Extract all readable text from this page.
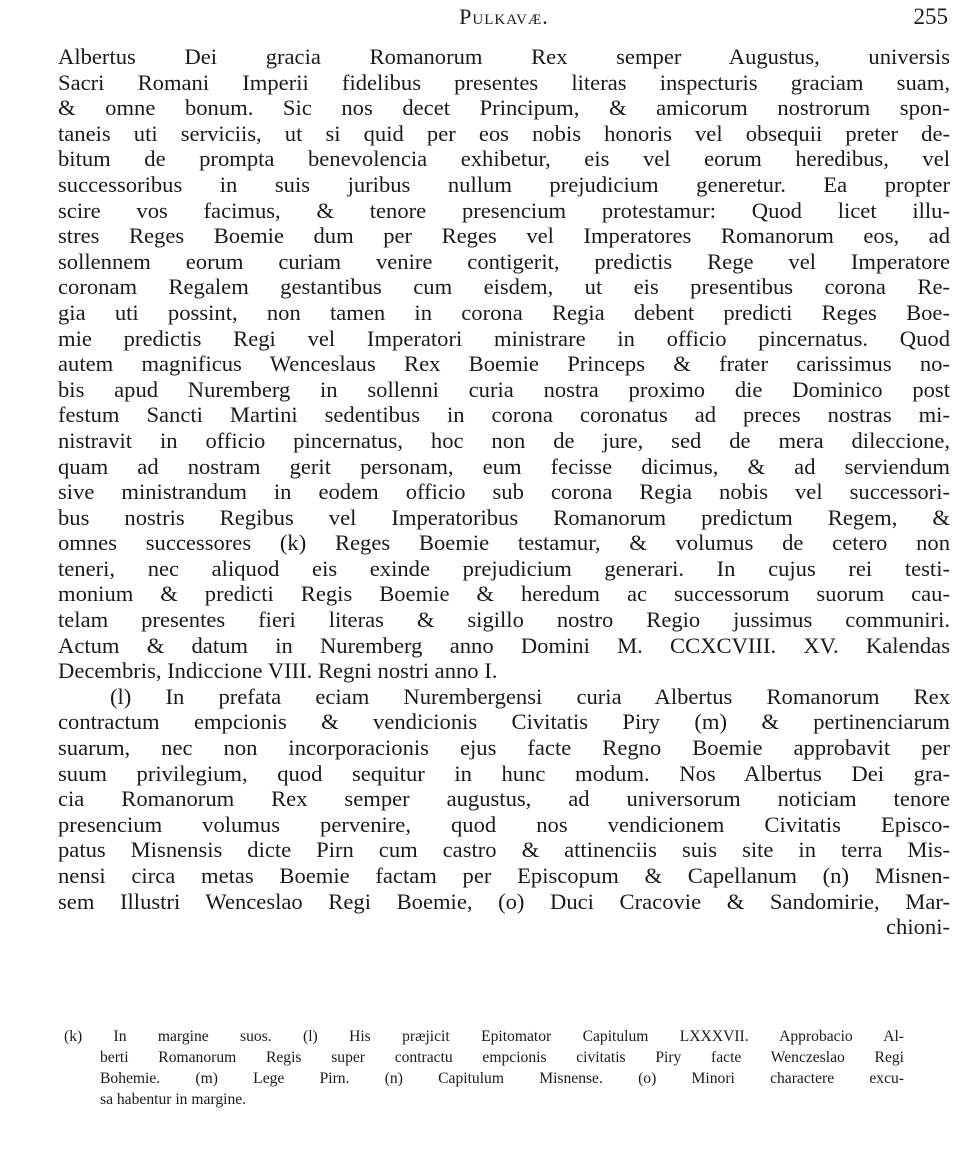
Pulkavæ.	255
Albertus Dei gracia Romanorum Rex semper Augustus, universis
Sacri Romani Imperii fidelibus presentes literas inspecturis graciam suam,
& omne bonum. Sic nos decet Principum, & amicorum nostrorum spon-
taneis uti serviciis, ut si quid per eos nobis honoris vel obsequii preter de-
bitum de prompta benevolencia exhibetur, eis vel eorum heredibus, vel
successoribus in suis juribus nullum prejudicium generetur. Ea propter
scire vos facimus, & tenore presencium protestamur: Quod licet illu-
stres Reges Boemie dum per Reges vel Imperatores Romanorum eos, ad
sollennem eorum curiam venire contigerit, predictis Rege vel Imperatore
coronam Regalem gestantibus cum eisdem, ut eis presentibus corona Re-
gia uti possint, non tamen in corona Regia debent predicti Reges Boe-
mie predictis Regi vel Imperatori ministrare in officio pincernatus. Quod
autem magnificus Wenceslaus Rex Boemie Princeps & frater carissimus no-
bis apud Nuremberg in sollenni curia nostra proximo die Dominico post
festum Sancti Martini sedentibus in corona coronatus ad preces nostras mi-
nistravit in officio pincernatus, hoc non de jure, sed de mera dileccione,
quam ad nostram gerit personam, eum fecisse dicimus, & ad serviendum
sive ministrandum in eodem officio sub corona Regia nobis vel successori-
bus nostris Regibus vel Imperatoribus Romanorum predictum Regem, &
omnes successores (k) Reges Boemie testamur, & volumus de cetero non
teneri, nec aliquod eis exinde prejudicium generari. In cujus rei testi-
monium & predicti Regis Boemie & heredum ac successorum suorum cau-
telam presentes fieri literas & sigillo nostro Regio jussimus communiri.
Actum & datum in Nuremberg anno Domini M. CCXCVIII. XV. Kalendas
Decembris, Indiccione VIII. Regni nostri anno I.
(l) In prefata eciam Nurembergensi curia Albertus Romanorum Rex
contractum empcionis & vendicionis Civitatis Piry (m) & pertinenciarum
suarum, nec non incorporacionis ejus facte Regno Boemie approbavit per
suum privilegium, quod sequitur in hunc modum. Nos Albertus Dei gra-
cia Romanorum Rex semper augustus, ad universorum noticiam tenore
presencium volumus pervenire, quod nos vendicionem Civitatis Episco-
patus Misnensis dicte Pirn cum castro & attinenciis suis site in terra Mis-
nensi circa metas Boemie factam per Episcopum & Capellanum (n) Misnen-
sem Illustri Wenceslao Regi Boemie, (o) Duci Cracovie & Sandomirie, Mar-
chioni-
(k) In margine suos. (l) His præjicit Epitomator Capitulum LXXXVII. Approbacio Al-
berti Romanorum Regis super contractu empcionis civitatis Piry facte Wenczeslao Regi
Bohemie. (m) Lege Pirn. (n) Capitulum Misnense. (o) Minori charactere excu-
sa habentur in margine.
